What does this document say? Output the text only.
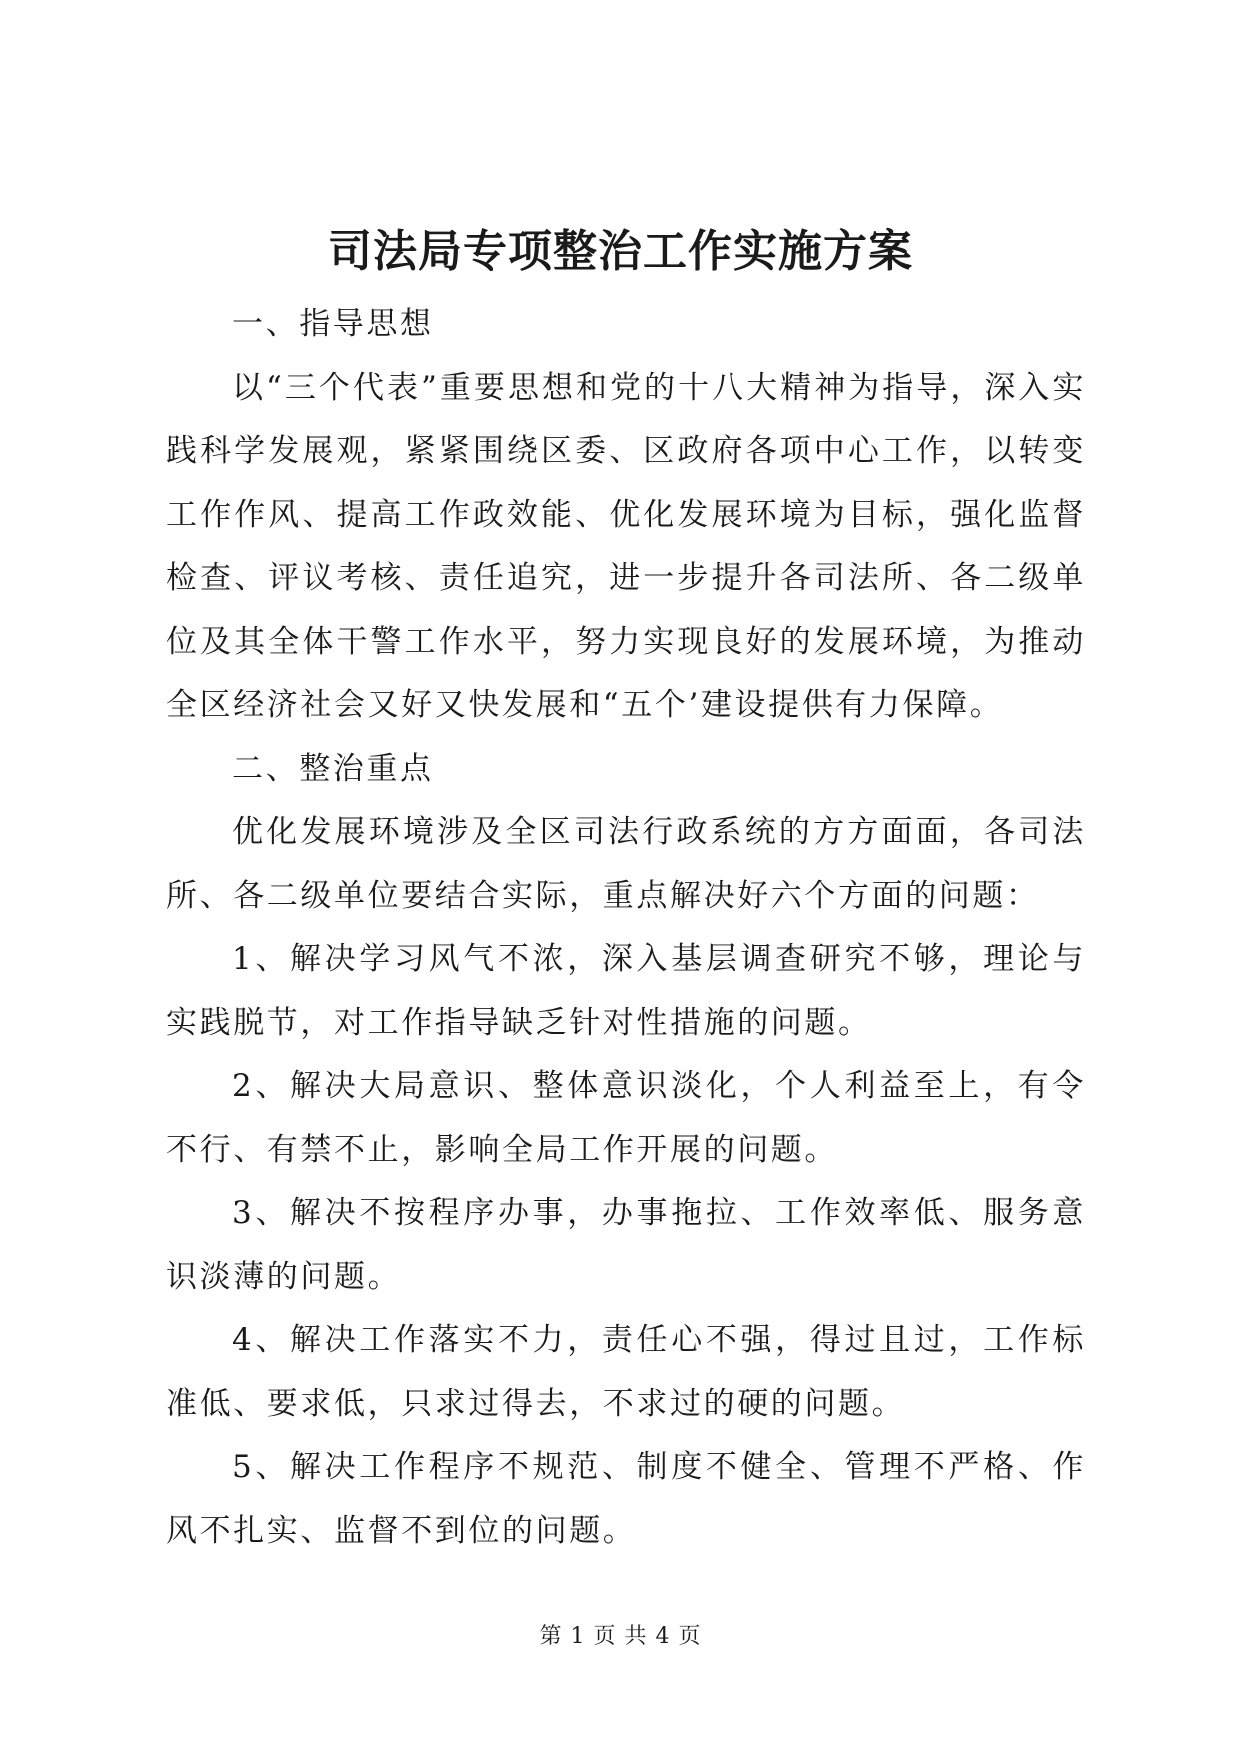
司法局专项整治工作实施方案

一、指导思想

以“三个代表”重要思想和党的十八大精神为指导，深入实践科学发展观，紧紧围绕区委、区政府各项中心工作，以转变工作作风、提高工作政效能、优化发展环境为目标，强化监督检查、评议考核、责任追究，进一步提升各司法所、各二级单位及其全体干警工作水平，努力实现良好的发展环境，为推动全区经济社会又好又快发展和“五个’建设提供有力保障。

二、整治重点

优化发展环境涉及全区司法行政系统的方方面面，各司法所、各二级单位要结合实际，重点解决好六个方面的问题：

1、解决学习风气不浓，深入基层调查研究不够，理论与实践脱节，对工作指导缺乏针对性措施的问题。

2、解决大局意识、整体意识淡化，个人利益至上，有令不行、有禁不止，影响全局工作开展的问题。

3、解决不按程序办事，办事拖拉、工作效率低、服务意识淡薄的问题。

4、解决工作落实不力，责任心不强，得过且过，工作标准低、要求低，只求过得去，不求过的硬的问题。

5、解决工作程序不规范、制度不健全、管理不严格、作风不扎实、监督不到位的问题。

第 1 页 共 4 页
